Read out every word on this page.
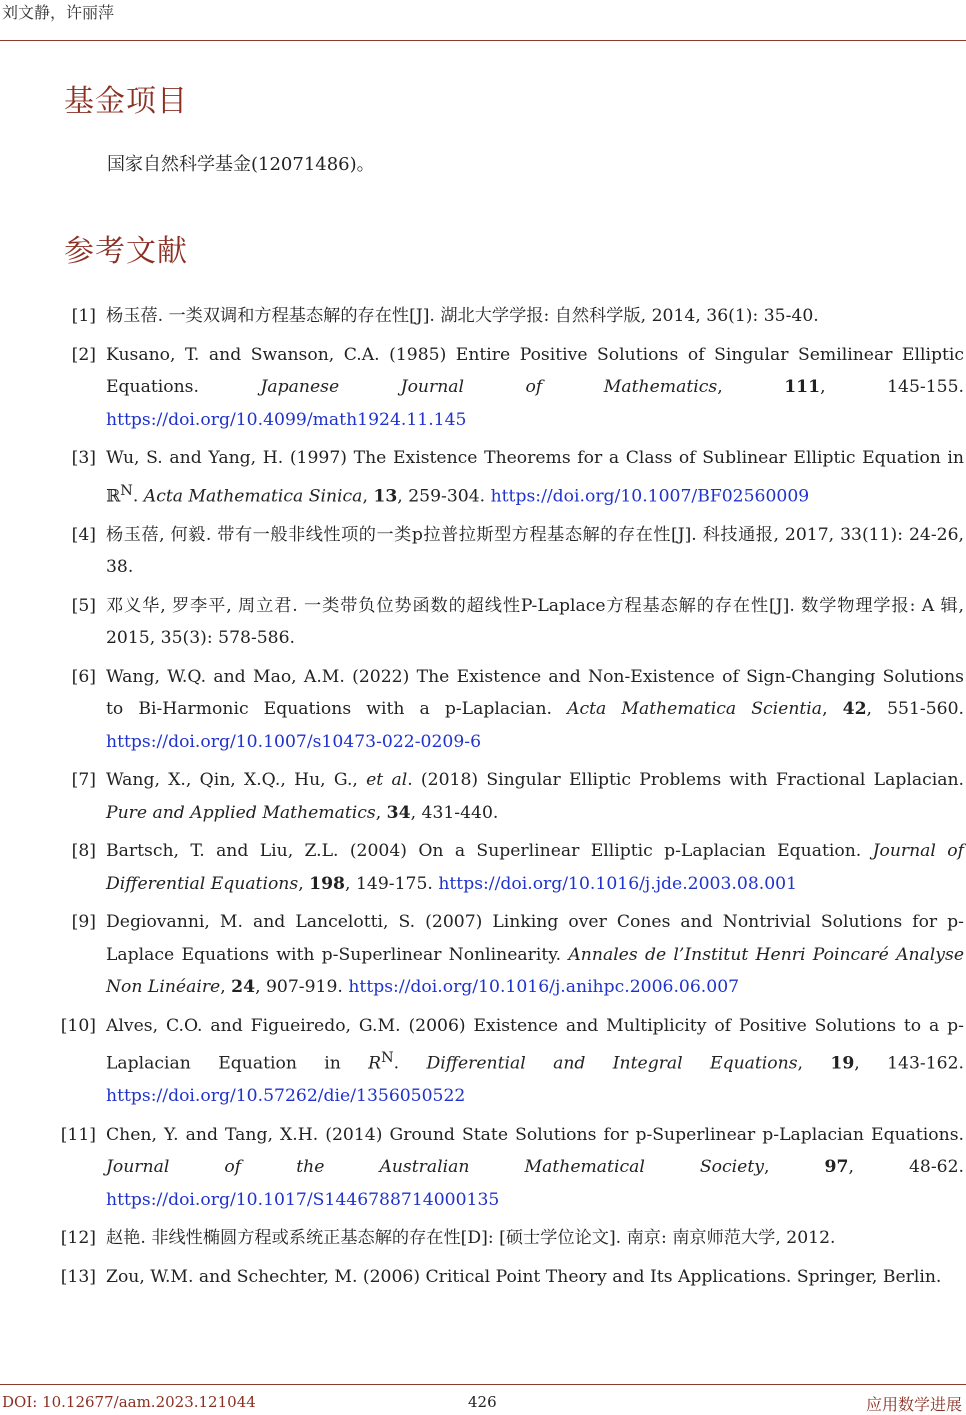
刘文静，许丽萍
基金项目
国家自然科学基金(12071486)。
参考文献
[1] 杨玉蓓. 一类双调和方程基态解的存在性[J]. 湖北大学学报: 自然科学版, 2014, 36(1): 35-40.
[2] Kusano, T. and Swanson, C.A. (1985) Entire Positive Solutions of Singular Semilinear Elliptic Equations. Japanese Journal of Mathematics, 111, 145-155. https://doi.org/10.4099/math1924.11.145
[3] Wu, S. and Yang, H. (1997) The Existence Theorems for a Class of Sublinear Elliptic Equation in ℝ$^N$. Acta Mathematica Sinica, 13, 259-304. https://doi.org/10.1007/BF02560009
[4] 杨玉蓓, 何毅. 带有一般非线性项的一类p拉普拉斯型方程基态解的存在性[J]. 科技通报, 2017, 33(11): 24-26, 38.
[5] 邓义华, 罗李平, 周立君. 一类带负位势函数的超线性P-Laplace方程基态解的存在性[J]. 数学物理学报: A 辑, 2015, 35(3): 578-586.
[6] Wang, W.Q. and Mao, A.M. (2022) The Existence and Non-Existence of Sign-Changing Solutions to Bi-Harmonic Equations with a p-Laplacian. Acta Mathematica Scientia, 42, 551-560. https://doi.org/10.1007/s10473-022-0209-6
[7] Wang, X., Qin, X.Q., Hu, G., et al. (2018) Singular Elliptic Problems with Fractional Laplacian. Pure and Applied Mathematics, 34, 431-440.
[8] Bartsch, T. and Liu, Z.L. (2004) On a Superlinear Elliptic p-Laplacian Equation. Journal of Differential Equations, 198, 149-175. https://doi.org/10.1016/j.jde.2003.08.001
[9] Degiovanni, M. and Lancelotti, S. (2007) Linking over Cones and Nontrivial Solutions for p-Laplace Equations with p-Superlinear Nonlinearity. Annales de l’Institut Henri Poincaré Analyse Non Linéaire, 24, 907-919. https://doi.org/10.1016/j.anihpc.2006.06.007
[10] Alves, C.O. and Figueiredo, G.M. (2006) Existence and Multiplicity of Positive Solutions to a p-Laplacian Equation in $R^N$. Differential and Integral Equations, 19, 143-162. https://doi.org/10.57262/die/1356050522
[11] Chen, Y. and Tang, X.H. (2014) Ground State Solutions for p-Superlinear p-Laplacian Equations. Journal of the Australian Mathematical Society, 97, 48-62. https://doi.org/10.1017/S1446788714000135
[12] 赵艳. 非线性椭圆方程或系统正基态解的存在性[D]: [硕士学位论文]. 南京: 南京师范大学, 2012.
[13] Zou, W.M. and Schechter, M. (2006) Critical Point Theory and Its Applications. Springer, Berlin.
DOI: 10.12677/aam.2023.121044	426	应用数学进展
